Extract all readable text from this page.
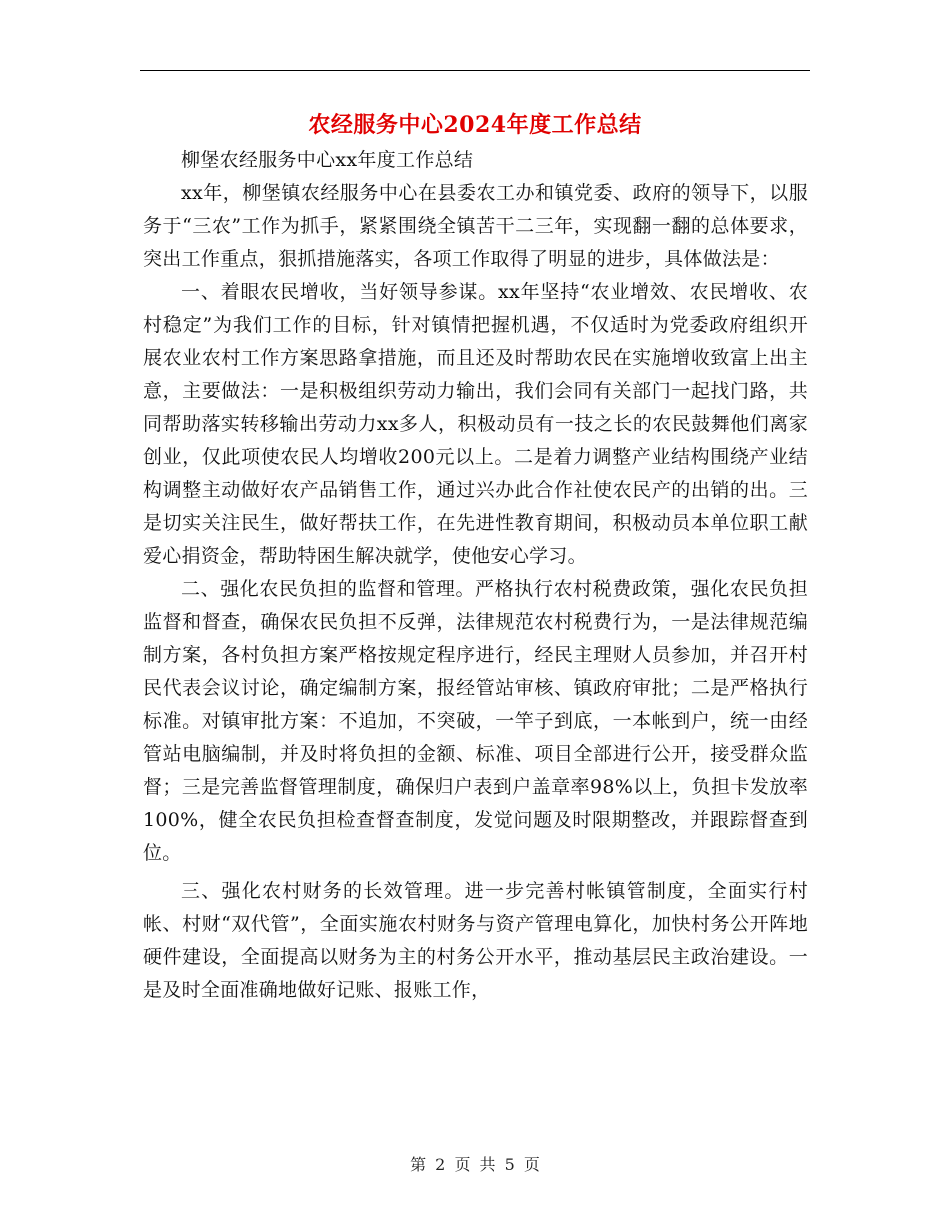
农经服务中心2024年度工作总结

柳堡农经服务中心xx年度工作总结

xx年，柳堡镇农经服务中心在县委农工办和镇党委、政府的领导下，以服务于“三农”工作为抓手，紧紧围绕全镇苦干二三年，实现翻一翻的总体要求，突出工作重点，狠抓措施落实，各项工作取得了明显的进步，具体做法是：

一、着眼农民增收，当好领导参谋。xx年坚持“农业增效、农民增收、农村稳定”为我们工作的目标，针对镇情把握机遇，不仅适时为党委政府组织开展农业农村工作方案思路拿措施，而且还及时帮助农民在实施增收致富上出主意，主要做法：一是积极组织劳动力输出，我们会同有关部门一起找门路，共同帮助落实转移输出劳动力xx多人，积极动员有一技之长的农民鼓舞他们离家创业，仅此项使农民人均增收200元以上。二是着力调整产业结构围绕产业结构调整主动做好农产品销售工作，通过兴办此合作社使农民产的出销的出。三是切实关注民生，做好帮扶工作，在先进性教育期间，积极动员本单位职工献爱心捐资金，帮助特困生解决就学，使他安心学习。

二、强化农民负担的监督和管理。严格执行农村税费政策，强化农民负担监督和督查，确保农民负担不反弹，法律规范农村税费行为，一是法律规范编制方案，各村负担方案严格按规定程序进行，经民主理财人员参加，并召开村民代表会议讨论，确定编制方案，报经管站审核、镇政府审批；二是严格执行标准。对镇审批方案：不追加，不突破，一竿子到底，一本帐到户，统一由经管站电脑编制，并及时将负担的金额、标准、项目全部进行公开，接受群众监督；三是完善监督管理制度，确保归户表到户盖章率98%以上，负担卡发放率100%，健全农民负担检查督查制度，发觉问题及时限期整改，并跟踪督查到位。

三、强化农村财务的长效管理。进一步完善村帐镇管制度，全面实行村帐、村财“双代管”，全面实施农村财务与资产管理电算化，加快村务公开阵地硬件建设，全面提高以财务为主的村务公开水平，推动基层民主政治建设。一是及时全面准确地做好记账、报账工作，

第 2 页 共 5 页
